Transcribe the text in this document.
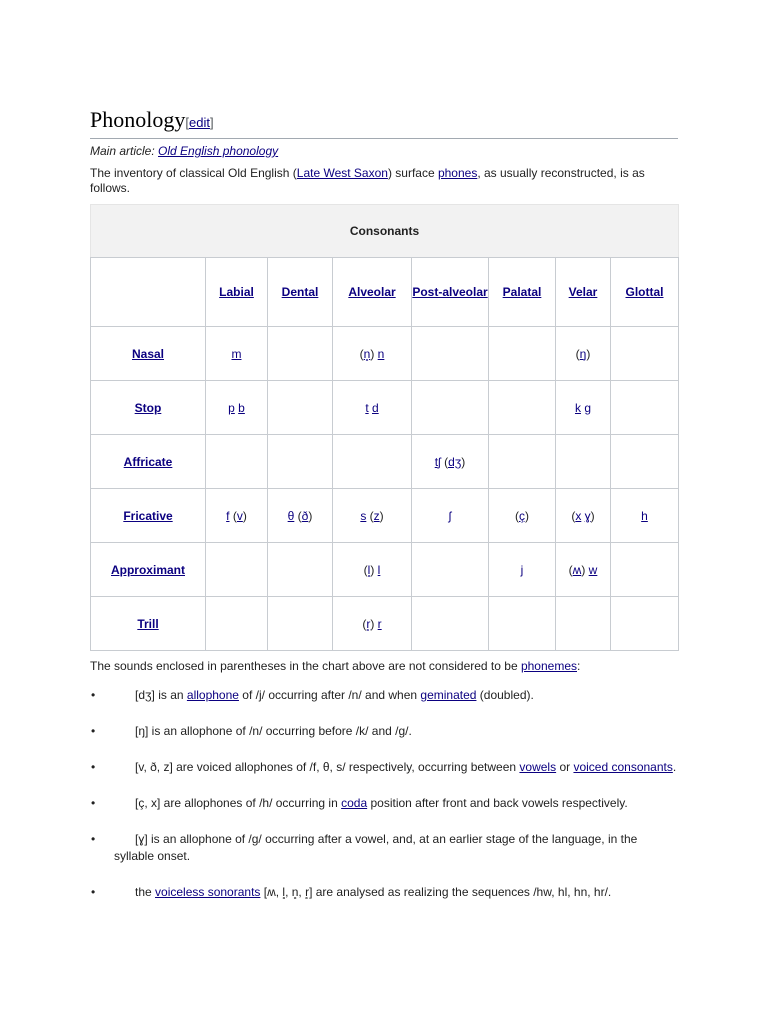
Phonology[edit]
Main article: Old English phonology
The inventory of classical Old English (Late West Saxon) surface phones, as usually reconstructed, is as follows.
Consonants
	Labial	Dental	Alveolar	Post-alveolar	Palatal	Velar	Glottal
Nasal	m		(n̥) n			(ŋ)	
Stop	p b		t d			k g	
Affricate				tʃ (dʒ)			
Fricative	f (v)	θ (ð)	s (z)	ʃ	(ç)	(x ɣ)	h
Approximant			(l̥) l		j	(ʍ) w	
Trill			(r̥) r				
The sounds enclosed in parentheses in the chart above are not considered to be phonemes:
•	[dʒ] is an allophone of /j/ occurring after /n/ and when geminated (doubled).
•	[ŋ] is an allophone of /n/ occurring before /k/ and /g/.
•	[v, ð, z] are voiced allophones of /f, θ, s/ respectively, occurring between vowels or voiced consonants.
•	[ç, x] are allophones of /h/ occurring in coda position after front and back vowels respectively.
•	[ɣ] is an allophone of /g/ occurring after a vowel, and, at an earlier stage of the language, in the syllable onset.
•	the voiceless sonorants [ʍ, l̥, n̥, r̥] are analysed as realizing the sequences /hw, hl, hn, hr/.
